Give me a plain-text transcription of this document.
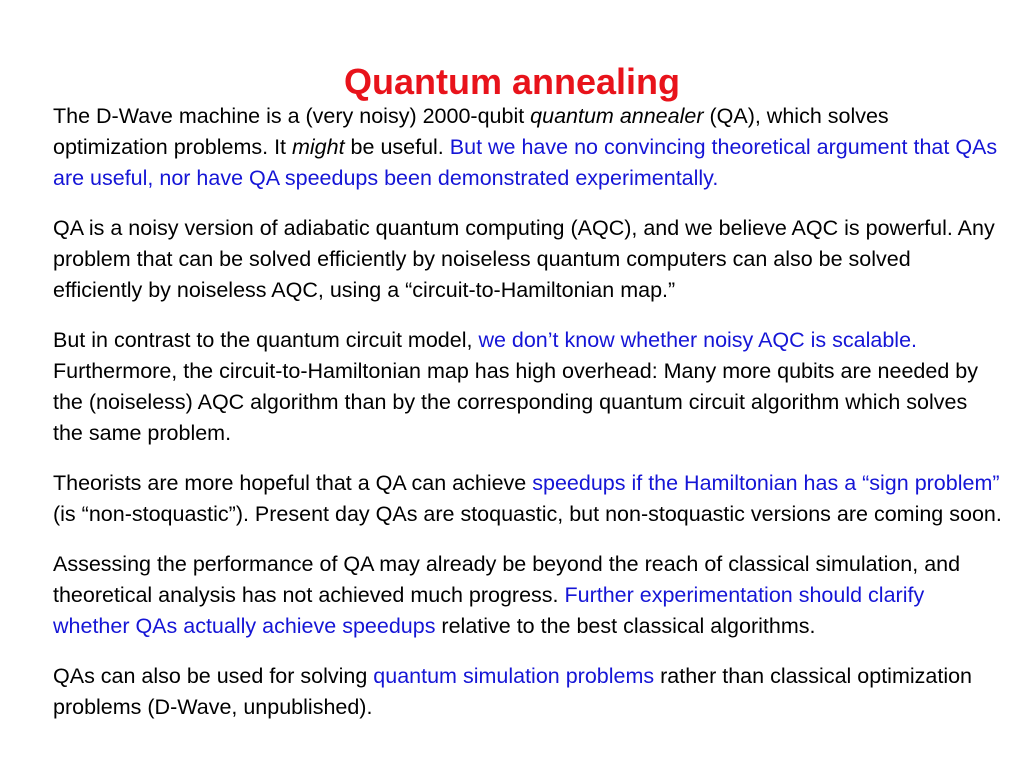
Quantum annealing

The D-Wave machine is a (very noisy) 2000-qubit quantum annealer (QA), which solves optimization problems. It might be useful. But we have no convincing theoretical argument that QAs are useful, nor have QA speedups been demonstrated experimentally.

QA is a noisy version of adiabatic quantum computing (AQC), and we believe AQC is powerful. Any problem that can be solved efficiently by noiseless quantum computers can also be solved efficiently by noiseless AQC, using a “circuit-to-Hamiltonian map.”

But in contrast to the quantum circuit model, we don’t know whether noisy AQC is scalable. Furthermore, the circuit-to-Hamiltonian map has high overhead: Many more qubits are needed by the (noiseless) AQC algorithm than by the corresponding quantum circuit algorithm which solves the same problem.

Theorists are more hopeful that a QA can achieve speedups if the Hamiltonian has a “sign problem” (is “non-stoquastic”). Present day QAs are stoquastic, but non-stoquastic versions are coming soon.

Assessing the performance of QA may already be beyond the reach of classical simulation, and theoretical analysis has not achieved much progress. Further experimentation should clarify whether QAs actually achieve speedups relative to the best classical algorithms.

QAs can also be used for solving quantum simulation problems rather than classical optimization problems (D-Wave, unpublished).
